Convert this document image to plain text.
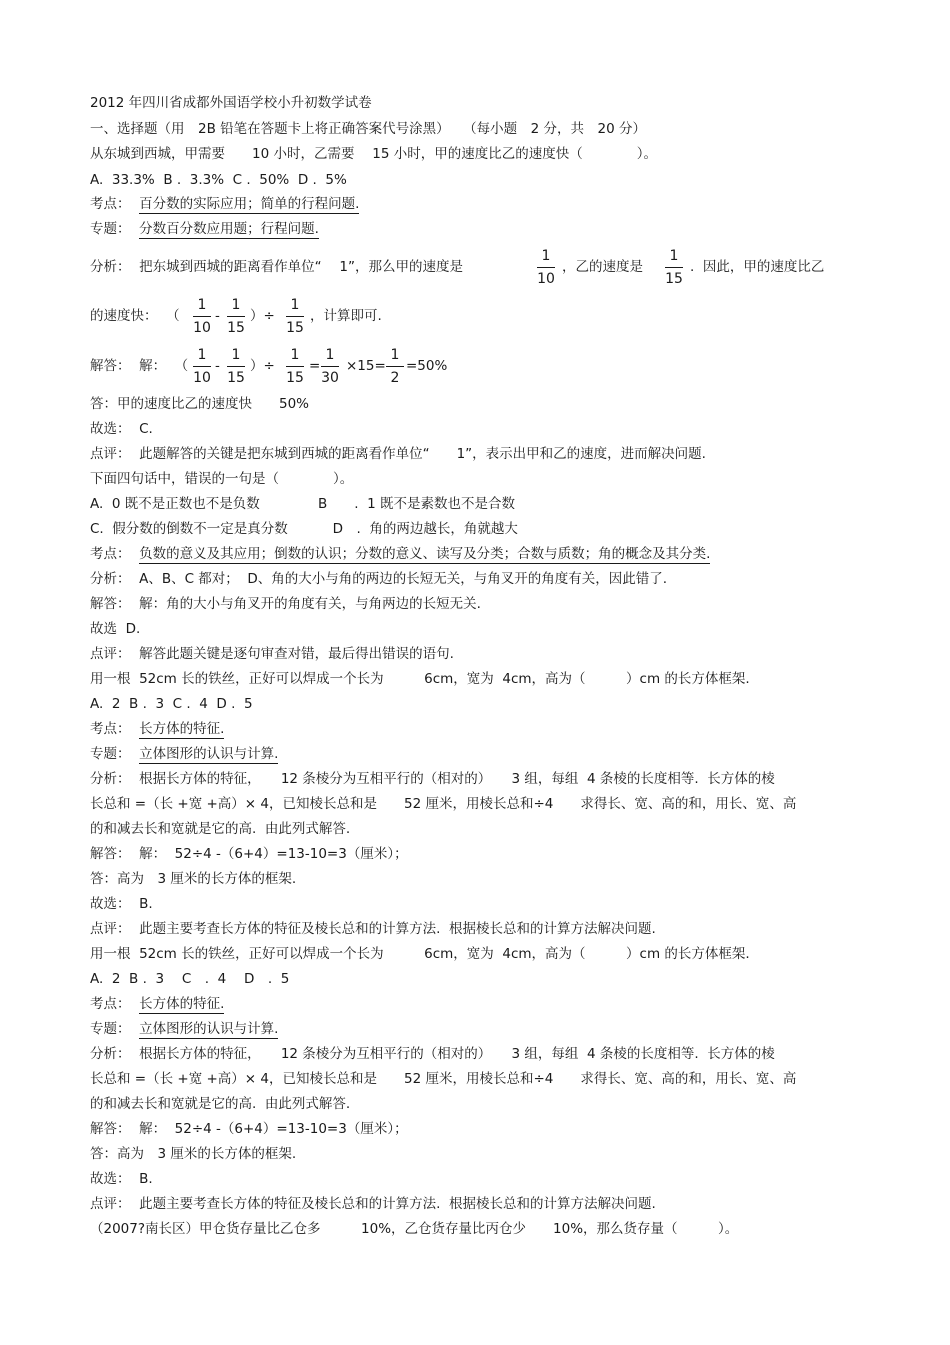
2012 年四川省成都外国语学校小升初数学试卷
一、选择题（用　2B 铅笔在答题卡上将正确答案代号涂黑）　　（每小题　2 分，共　20 分）
从东城到西城，甲需要　　10 小时，乙需要　 15 小时，甲的速度比乙的速度快（　　　　）。
A.  33.3%  B .  3.3%  C .  50%  D .  5%
考点： 百分数的实际应用；简单的行程问题.
专题： 分数百分数应用题；行程问题.
分析：  把东城到西城的距离看作单位“　 1”，那么甲的速度是
1
10
，乙的速度是
1
15
.  因此，甲的速度比乙
的速度快：  （
1
10
-
1
15
）÷
1
15
，计算即可.
解答：  解：  （
1
10
-
1
15
）÷
1
15
=
1
30
×15=
1
2
=50%
答：甲的速度比乙的速度快　　50%
故选：  C.
点评：  此题解答的关键是把东城到西城的距离看作单位“　　1”，表示出甲和乙的速度，进而解决问题.
下面四句话中，错误的一句是（　　　　）。
A.  0 既不是正数也不是负数　　　　 B　　.  1 既不是素数也不是合数
C.  假分数的倒数不一定是真分数　　　 D　.  角的两边越长，角就越大
考点： 负数的意义及其应用；倒数的认识；分数的意义、读写及分类；合数与质数；角的概念及其分类.
分析：  A、B、C 都对；  D、角的大小与角的两边的长短无关，与角叉开的角度有关，因此错了.
解答：  解：角的大小与角叉开的角度有关，与角两边的长短无关.
故选  D.
点评：  解答此题关键是逐句审查对错，最后得出错误的语句.
用一根  52cm 长的铁丝，正好可以焊成一个长为　　　6cm，宽为  4cm，高为（　　　）cm 的长方体框架.
A.  2  B .  3  C .  4  D .  5
考点： 长方体的特征.
专题： 立体图形的认识与计算.
分析：  根据长方体的特征，　　12 条棱分为互相平行的（相对的）　　3 组，每组  4 条棱的长度相等.  长方体的棱
长总和 =（长 +宽 +高）× 4，已知棱长总和是　　52 厘米，用棱长总和÷4　　求得长、宽、高的和，用长、宽、高
的和减去长和宽就是它的高.  由此列式解答.
解答：  解：  52÷4 -（6+4）=13-10=3（厘米）；
答：高为　3 厘米的长方体的框架.
故选：  B.
点评：  此题主要考查长方体的特征及棱长总和的计算方法.  根据棱长总和的计算方法解决问题.
用一根  52cm 长的铁丝，正好可以焊成一个长为　　　6cm，宽为  4cm，高为（　　　）cm 的长方体框架.
A.  2  B .  3　 C　.  4　 D　.  5
考点： 长方体的特征.
专题： 立体图形的认识与计算.
分析：  根据长方体的特征，　　12 条棱分为互相平行的（相对的）　　3 组，每组  4 条棱的长度相等.  长方体的棱
长总和 =（长 +宽 +高）× 4，已知棱长总和是　　52 厘米，用棱长总和÷4　　求得长、宽、高的和，用长、宽、高
的和减去长和宽就是它的高.  由此列式解答.
解答：  解：  52÷4 -（6+4）=13-10=3（厘米）；
答：高为　3 厘米的长方体的框架.
故选：  B.
点评：  此题主要考查长方体的特征及棱长总和的计算方法.  根据棱长总和的计算方法解决问题.
（2007?南长区）甲仓货存量比乙仓多　　　10%，乙仓货存量比丙仓少　　10%，那么货存量（　　　）。
